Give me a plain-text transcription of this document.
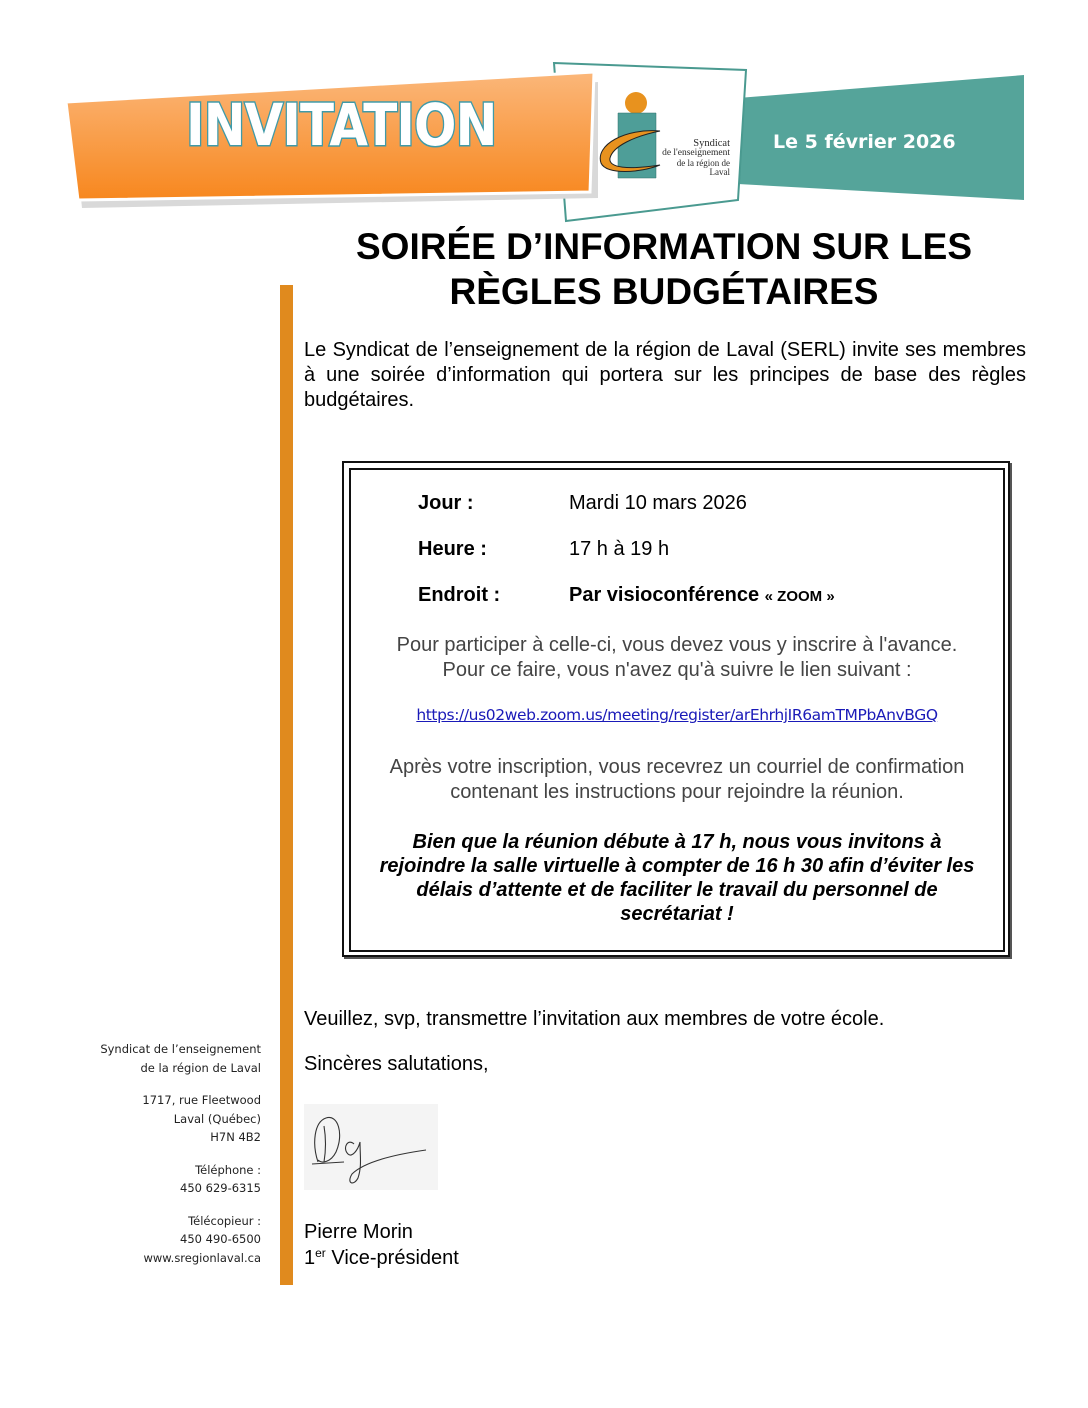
INVITATION	Syndicat
de l'enseignement
de la région de Laval
Le 5 février 2026
SOIRÉE D’INFORMATION SUR LES
RÈGLES BUDGÉTAIRES
Le Syndicat de l’enseignement de la région de Laval (SERL) invite ses membres à une soirée d’information qui portera sur les principes de base des règles budgétaires.
Jour :	Mardi 10 mars 2026
Heure :	17 h à 19 h
Endroit :	Par visioconférence « ZOOM »
Pour participer à celle-ci, vous devez vous y inscrire à l'avance.
Pour ce faire, vous n'avez qu'à suivre le lien suivant :
https://us02web.zoom.us/meeting/register/arEhrhjIR6amTMPbAnvBGQ
Après votre inscription, vous recevrez un courriel de confirmation
contenant les instructions pour rejoindre la réunion.
Bien que la réunion débute à 17 h, nous vous invitons à
rejoindre la salle virtuelle à compter de 16 h 30 afin d’éviter les
délais d’attente et de faciliter le travail du personnel de
secrétariat !
Veuillez, svp, transmettre l’invitation aux membres de votre école.
Sincères salutations,
Pierre Morin
1er Vice-président
Syndicat de l’enseignement
de la région de Laval
1717, rue Fleetwood
Laval (Québec)
H7N 4B2
Téléphone :
450 629-6315
Télécopieur :
450 490-6500
www.sregionlaval.ca
